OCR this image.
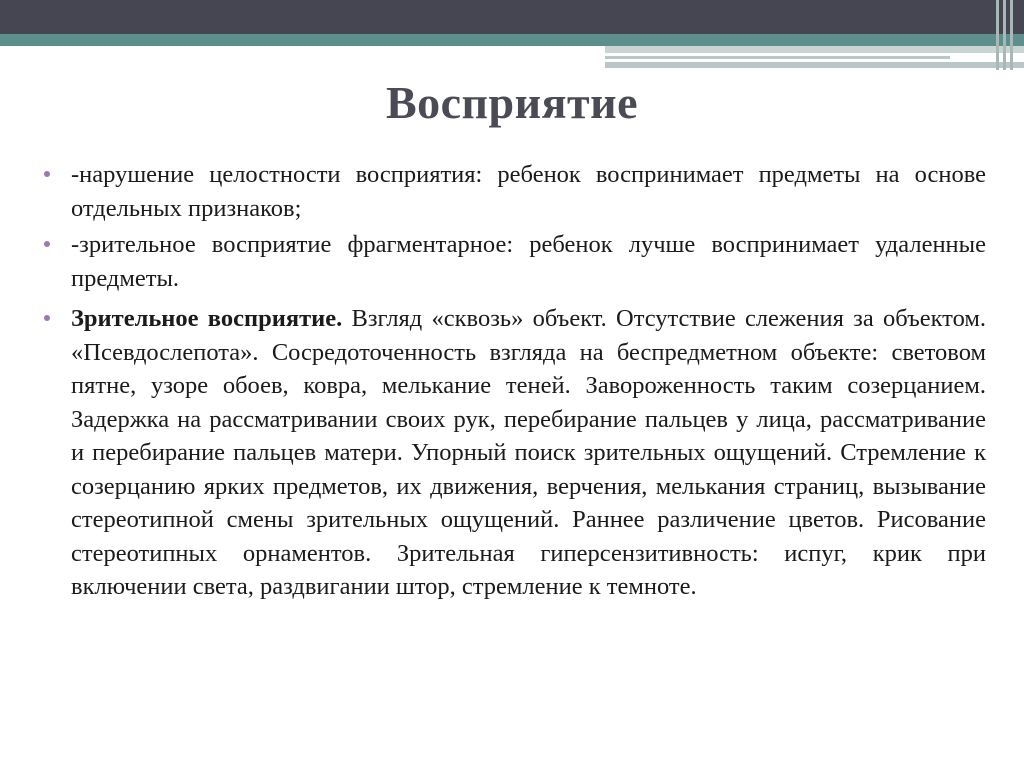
Восприятие
-нарушение целостности восприятия: ребенок воспринимает предметы на основе отдельных признаков;
-зрительное восприятие фрагментарное: ребенок лучше воспринимает удаленные предметы.
Зрительное восприятие. Взгляд «сквозь» объект. Отсутствие слежения за объектом. «Псевдослепота». Сосредоточенность взгляда на беспредметном объекте: световом пятне, узоре обоев, ковра, мелькание теней. Завороженность таким созерцанием. Задержка на рассматривании своих рук, перебирание пальцев у лица, рассматривание и перебирание пальцев матери. Упорный поиск зрительных ощущений. Стремление к созерцанию ярких предметов, их движения, верчения, мелькания страниц, вызывание стереотипной смены зрительных ощущений. Раннее различение цветов. Рисование стереотипных орнаментов. Зрительная гиперсензитивность: испуг, крик при включении света, раздвигании штор, стремление к темноте.
